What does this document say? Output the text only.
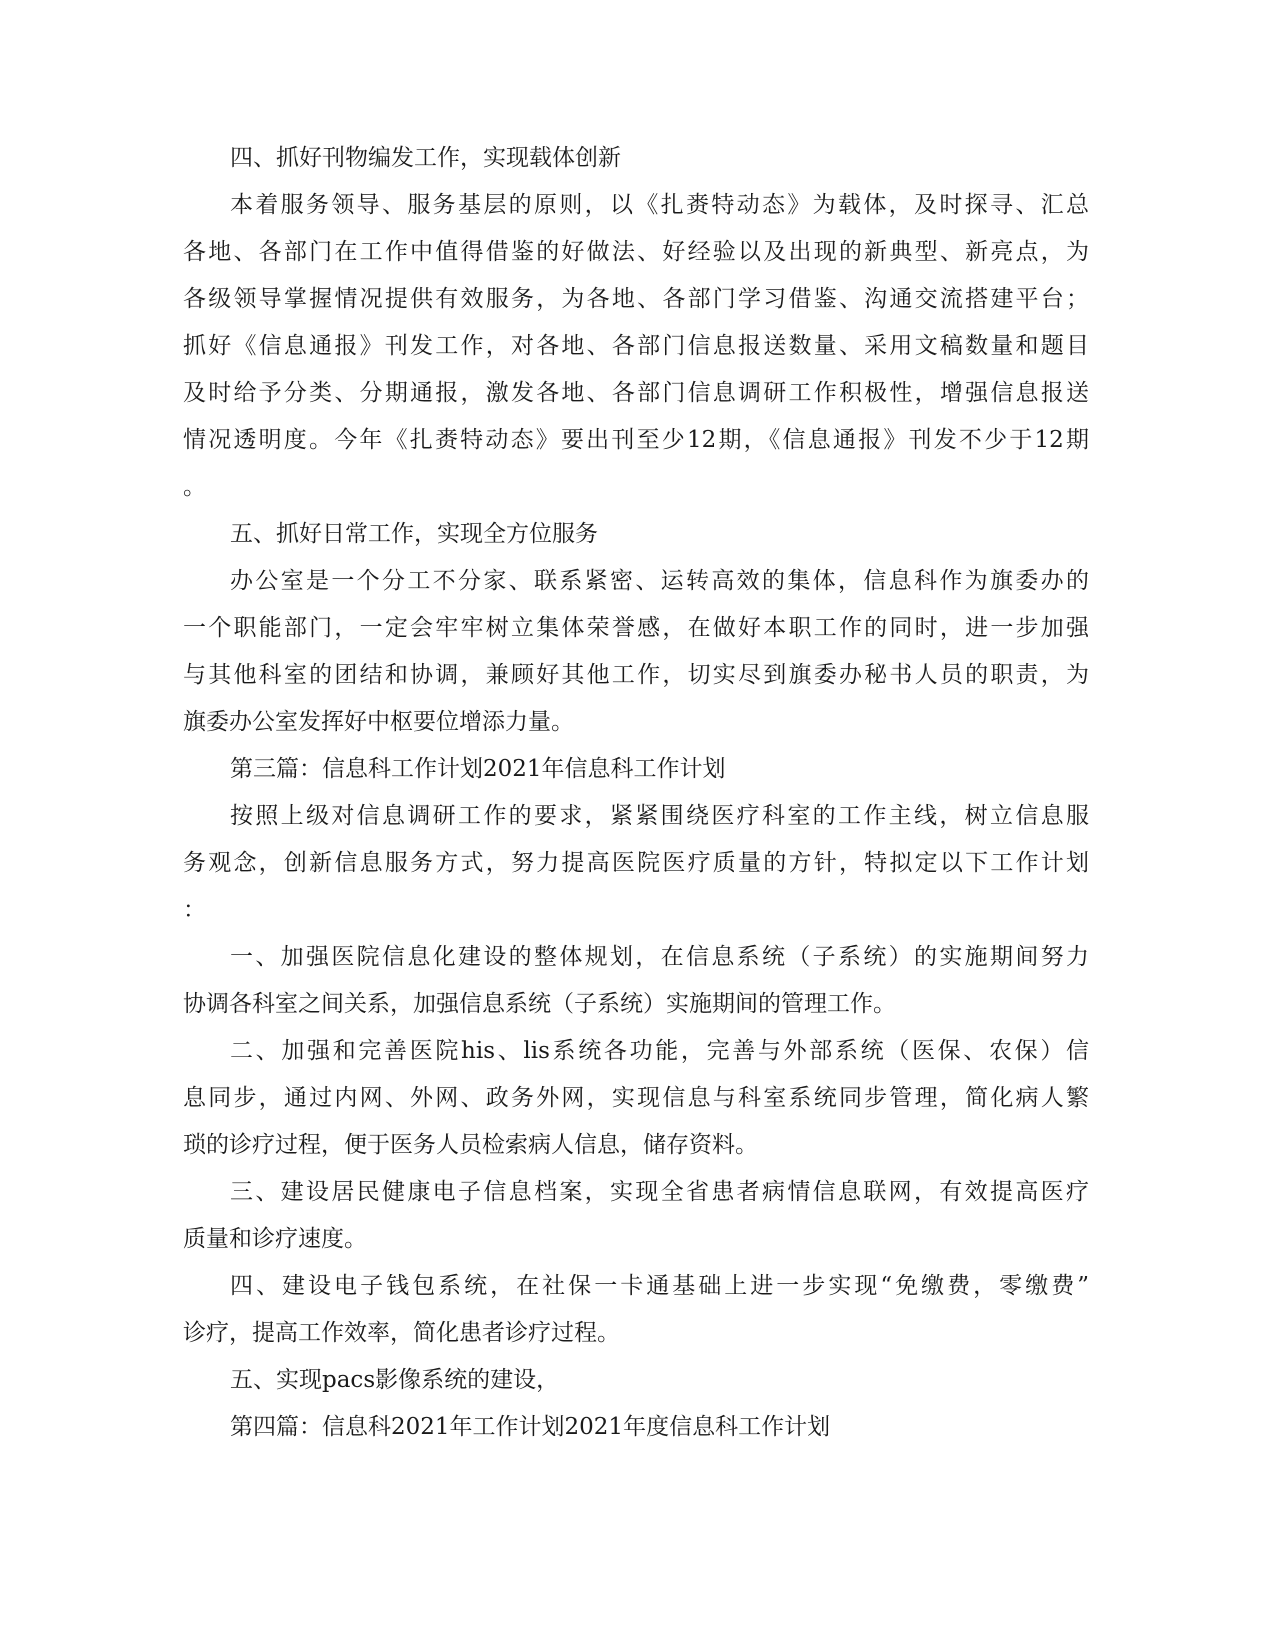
四、抓好刊物编发工作，实现载体创新

本着服务领导、服务基层的原则，以《扎赉特动态》为载体，及时探寻、汇总

各地、各部门在工作中值得借鉴的好做法、好经验以及出现的新典型、新亮点，为

各级领导掌握情况提供有效服务，为各地、各部门学习借鉴、沟通交流搭建平台；

抓好《信息通报》刊发工作，对各地、各部门信息报送数量、采用文稿数量和题目

及时给予分类、分期通报，激发各地、各部门信息调研工作积极性，增强信息报送

情况透明度。今年《扎赉特动态》要出刊至少12期，《信息通报》刊发不少于12期

。

五、抓好日常工作，实现全方位服务

办公室是一个分工不分家、联系紧密、运转高效的集体，信息科作为旗委办的

一个职能部门，一定会牢牢树立集体荣誉感，在做好本职工作的同时，进一步加强

与其他科室的团结和协调，兼顾好其他工作，切实尽到旗委办秘书人员的职责，为

旗委办公室发挥好中枢要位增添力量。

第三篇：信息科工作计划2021年信息科工作计划

按照上级对信息调研工作的要求，紧紧围绕医疗科室的工作主线，树立信息服

务观念，创新信息服务方式，努力提高医院医疗质量的方针，特拟定以下工作计划

：

一、加强医院信息化建设的整体规划，在信息系统（子系统）的实施期间努力

协调各科室之间关系，加强信息系统（子系统）实施期间的管理工作。

二、加强和完善医院his、lis系统各功能，完善与外部系统（医保、农保）信

息同步，通过内网、外网、政务外网，实现信息与科室系统同步管理，简化病人繁

琐的诊疗过程，便于医务人员检索病人信息，储存资料。

三、建设居民健康电子信息档案，实现全省患者病情信息联网，有效提高医疗

质量和诊疗速度。

四、建设电子钱包系统，在社保一卡通基础上进一步实现“免缴费，零缴费”

诊疗，提高工作效率，简化患者诊疗过程。

五、实现pacs影像系统的建设，

第四篇：信息科2021年工作计划2021年度信息科工作计划
